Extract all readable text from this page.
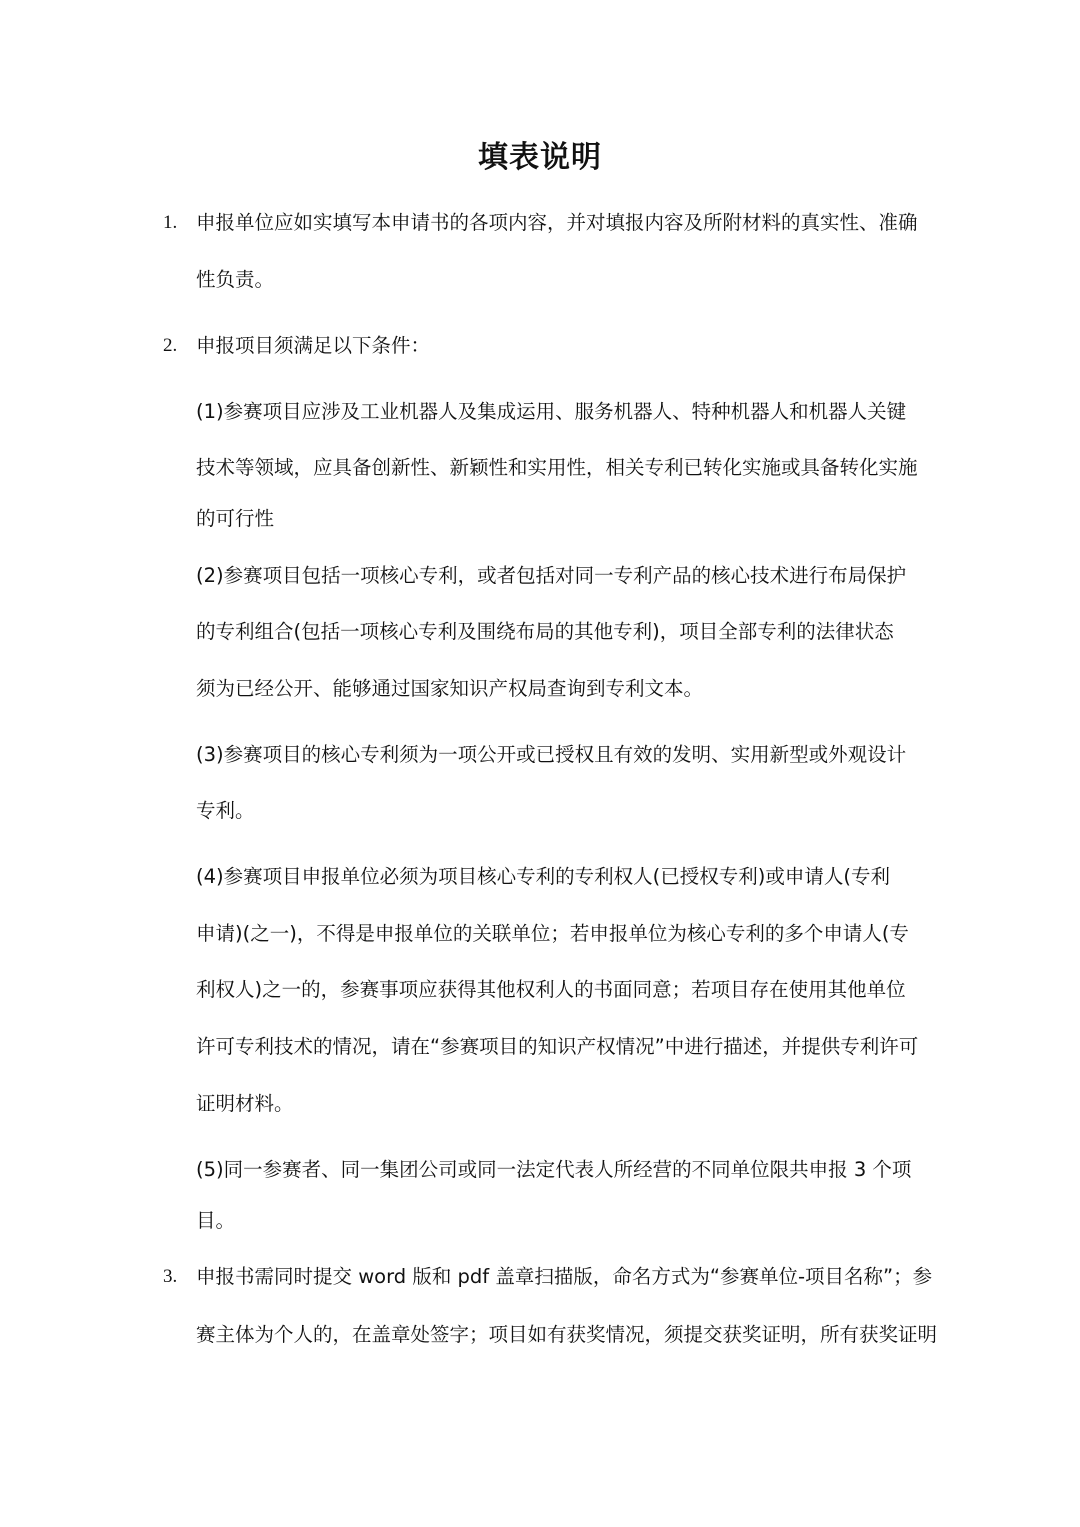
填表说明
1. 申报单位应如实填写本申请书的各项内容，并对填报内容及所附材料的真实性、准确
性负责。
2. 申报项目须满足以下条件：
(1)参赛项目应涉及工业机器人及集成运用、服务机器人、特种机器人和机器人关键
技术等领域，应具备创新性、新颖性和实用性，相关专利已转化实施或具备转化实施
的可行性
(2)参赛项目包括一项核心专利，或者包括对同一专利产品的核心技术进行布局保护
的专利组合(包括一项核心专利及围绕布局的其他专利)，项目全部专利的法律状态
须为已经公开、能够通过国家知识产权局查询到专利文本。
(3)参赛项目的核心专利须为一项公开或已授权且有效的发明、实用新型或外观设计
专利。
(4)参赛项目申报单位必须为项目核心专利的专利权人(已授权专利)或申请人(专利
申请)(之一)，不得是申报单位的关联单位；若申报单位为核心专利的多个申请人(专
利权人)之一的，参赛事项应获得其他权利人的书面同意；若项目存在使用其他单位
许可专利技术的情况，请在“参赛项目的知识产权情况”中进行描述，并提供专利许可
证明材料。
(5)同一参赛者、同一集团公司或同一法定代表人所经营的不同单位限共申报 3 个项
目。
3. 申报书需同时提交 word 版和 pdf 盖章扫描版，命名方式为“参赛单位-项目名称”；参
赛主体为个人的，在盖章处签字；项目如有获奖情况，须提交获奖证明，所有获奖证明
